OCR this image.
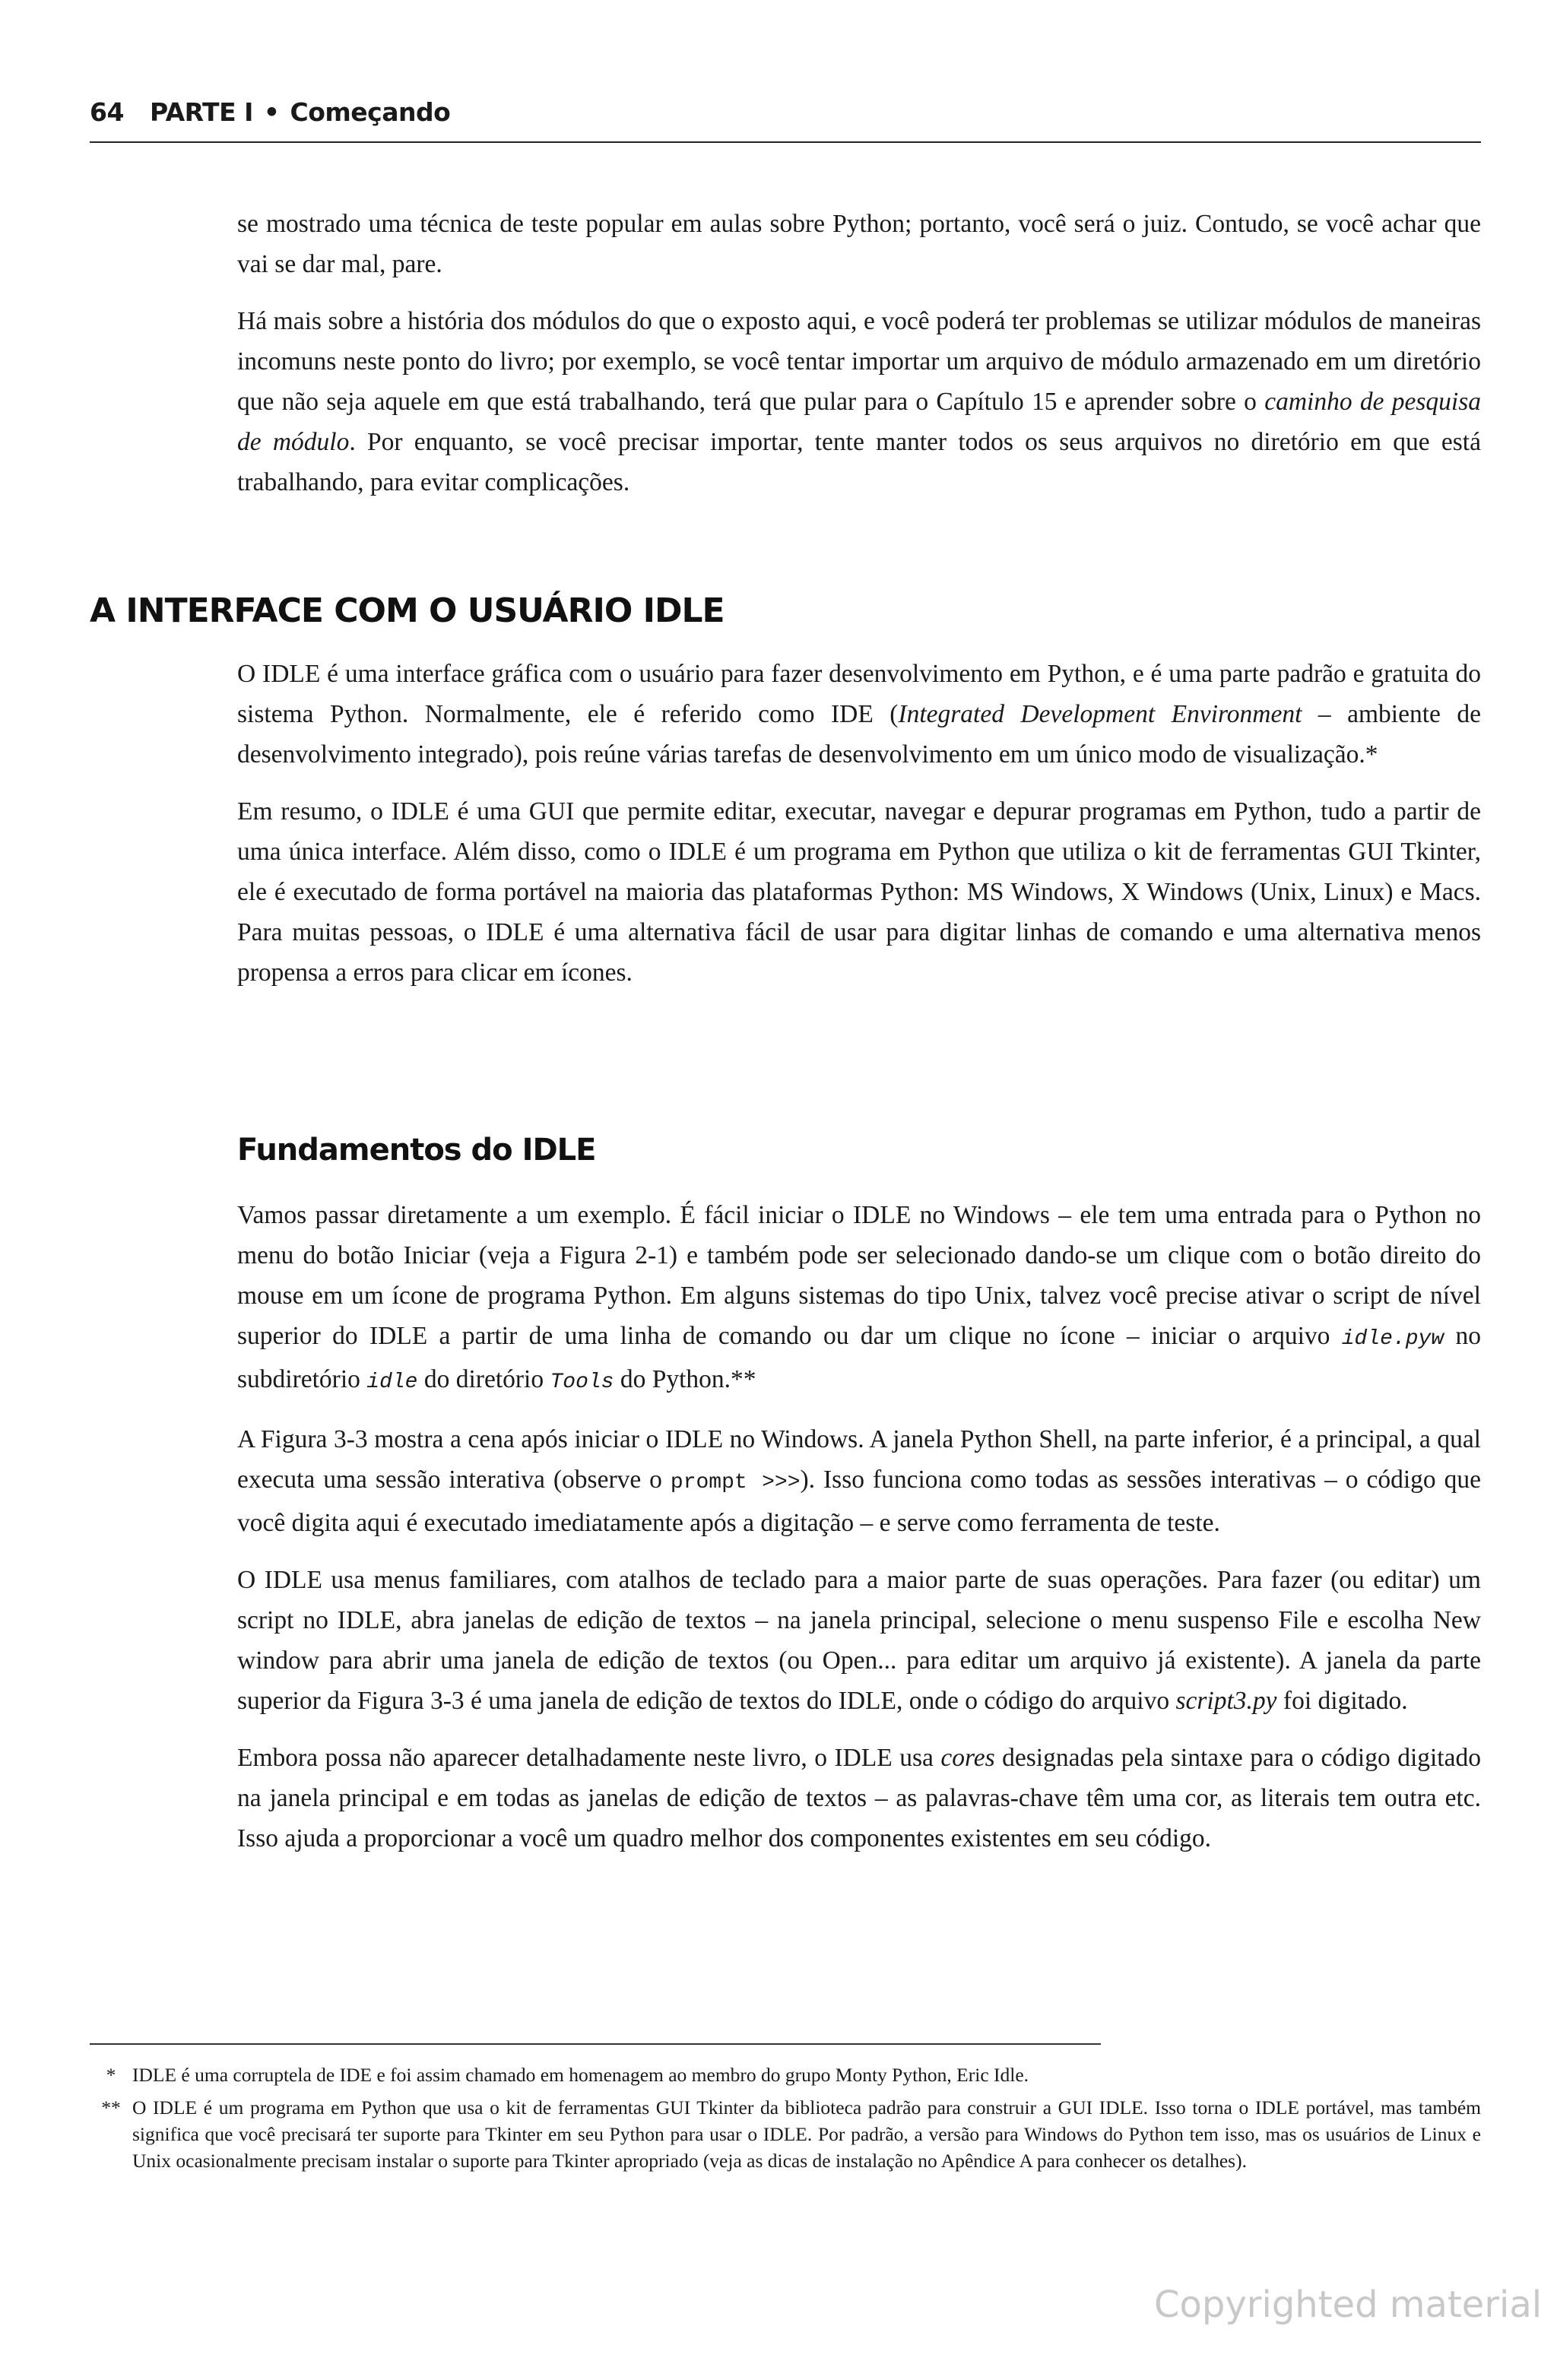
64 PARTE I • Começando

se mostrado uma técnica de teste popular em aulas sobre Python; portanto, você será o juiz. Contudo, se você achar que vai se dar mal, pare.

Há mais sobre a história dos módulos do que o exposto aqui, e você poderá ter problemas se utilizar módulos de maneiras incomuns neste ponto do livro; por exemplo, se você tentar importar um arquivo de módulo armazenado em um diretório que não seja aquele em que está trabalhando, terá que pular para o Capítulo 15 e aprender sobre o caminho de pesquisa de módulo. Por enquanto, se você precisar importar, tente manter todos os seus arquivos no diretório em que está trabalhando, para evitar complicações.

A INTERFACE COM O USUÁRIO IDLE

O IDLE é uma interface gráfica com o usuário para fazer desenvolvimento em Python, e é uma parte padrão e gratuita do sistema Python. Normalmente, ele é referido como IDE (Integrated Development Environment – ambiente de desenvolvimento integrado), pois reúne várias tarefas de desenvolvimento em um único modo de visualização.*

Em resumo, o IDLE é uma GUI que permite editar, executar, navegar e depurar programas em Python, tudo a partir de uma única interface. Além disso, como o IDLE é um programa em Python que utiliza o kit de ferramentas GUI Tkinter, ele é executado de forma portável na maioria das plataformas Python: MS Windows, X Windows (Unix, Linux) e Macs. Para muitas pessoas, o IDLE é uma alternativa fácil de usar para digitar linhas de comando e uma alternativa menos propensa a erros para clicar em ícones.

Fundamentos do IDLE

Vamos passar diretamente a um exemplo. É fácil iniciar o IDLE no Windows – ele tem uma entrada para o Python no menu do botão Iniciar (veja a Figura 2-1) e também pode ser selecionado dando-se um clique com o botão direito do mouse em um ícone de programa Python. Em alguns sistemas do tipo Unix, talvez você precise ativar o script de nível superior do IDLE a partir de uma linha de comando ou dar um clique no ícone – iniciar o arquivo idle.pyw no subdiretório idle do diretório Tools do Python.**

A Figura 3-3 mostra a cena após iniciar o IDLE no Windows. A janela Python Shell, na parte inferior, é a principal, a qual executa uma sessão interativa (observe o prompt >>>). Isso funciona como todas as sessões interativas – o código que você digita aqui é executado imediatamente após a digitação – e serve como ferramenta de teste.

O IDLE usa menus familiares, com atalhos de teclado para a maior parte de suas operações. Para fazer (ou editar) um script no IDLE, abra janelas de edição de textos – na janela principal, selecione o menu suspenso File e escolha New window para abrir uma janela de edição de textos (ou Open... para editar um arquivo já existente). A janela da parte superior da Figura 3-3 é uma janela de edição de textos do IDLE, onde o código do arquivo script3.py foi digitado.

Embora possa não aparecer detalhadamente neste livro, o IDLE usa cores designadas pela sintaxe para o código digitado na janela principal e em todas as janelas de edição de textos – as palavras-chave têm uma cor, as literais tem outra etc. Isso ajuda a proporcionar a você um quadro melhor dos componentes existentes em seu código.

* IDLE é uma corruptela de IDE e foi assim chamado em homenagem ao membro do grupo Monty Python, Eric Idle.
** O IDLE é um programa em Python que usa o kit de ferramentas GUI Tkinter da biblioteca padrão para construir a GUI IDLE. Isso torna o IDLE portável, mas também significa que você precisará ter suporte para Tkinter em seu Python para usar o IDLE. Por padrão, a versão para Windows do Python tem isso, mas os usuários de Linux e Unix ocasionalmente precisam instalar o suporte para Tkinter apropriado (veja as dicas de instalação no Apêndice A para conhecer os detalhes).
Copyrighted material
